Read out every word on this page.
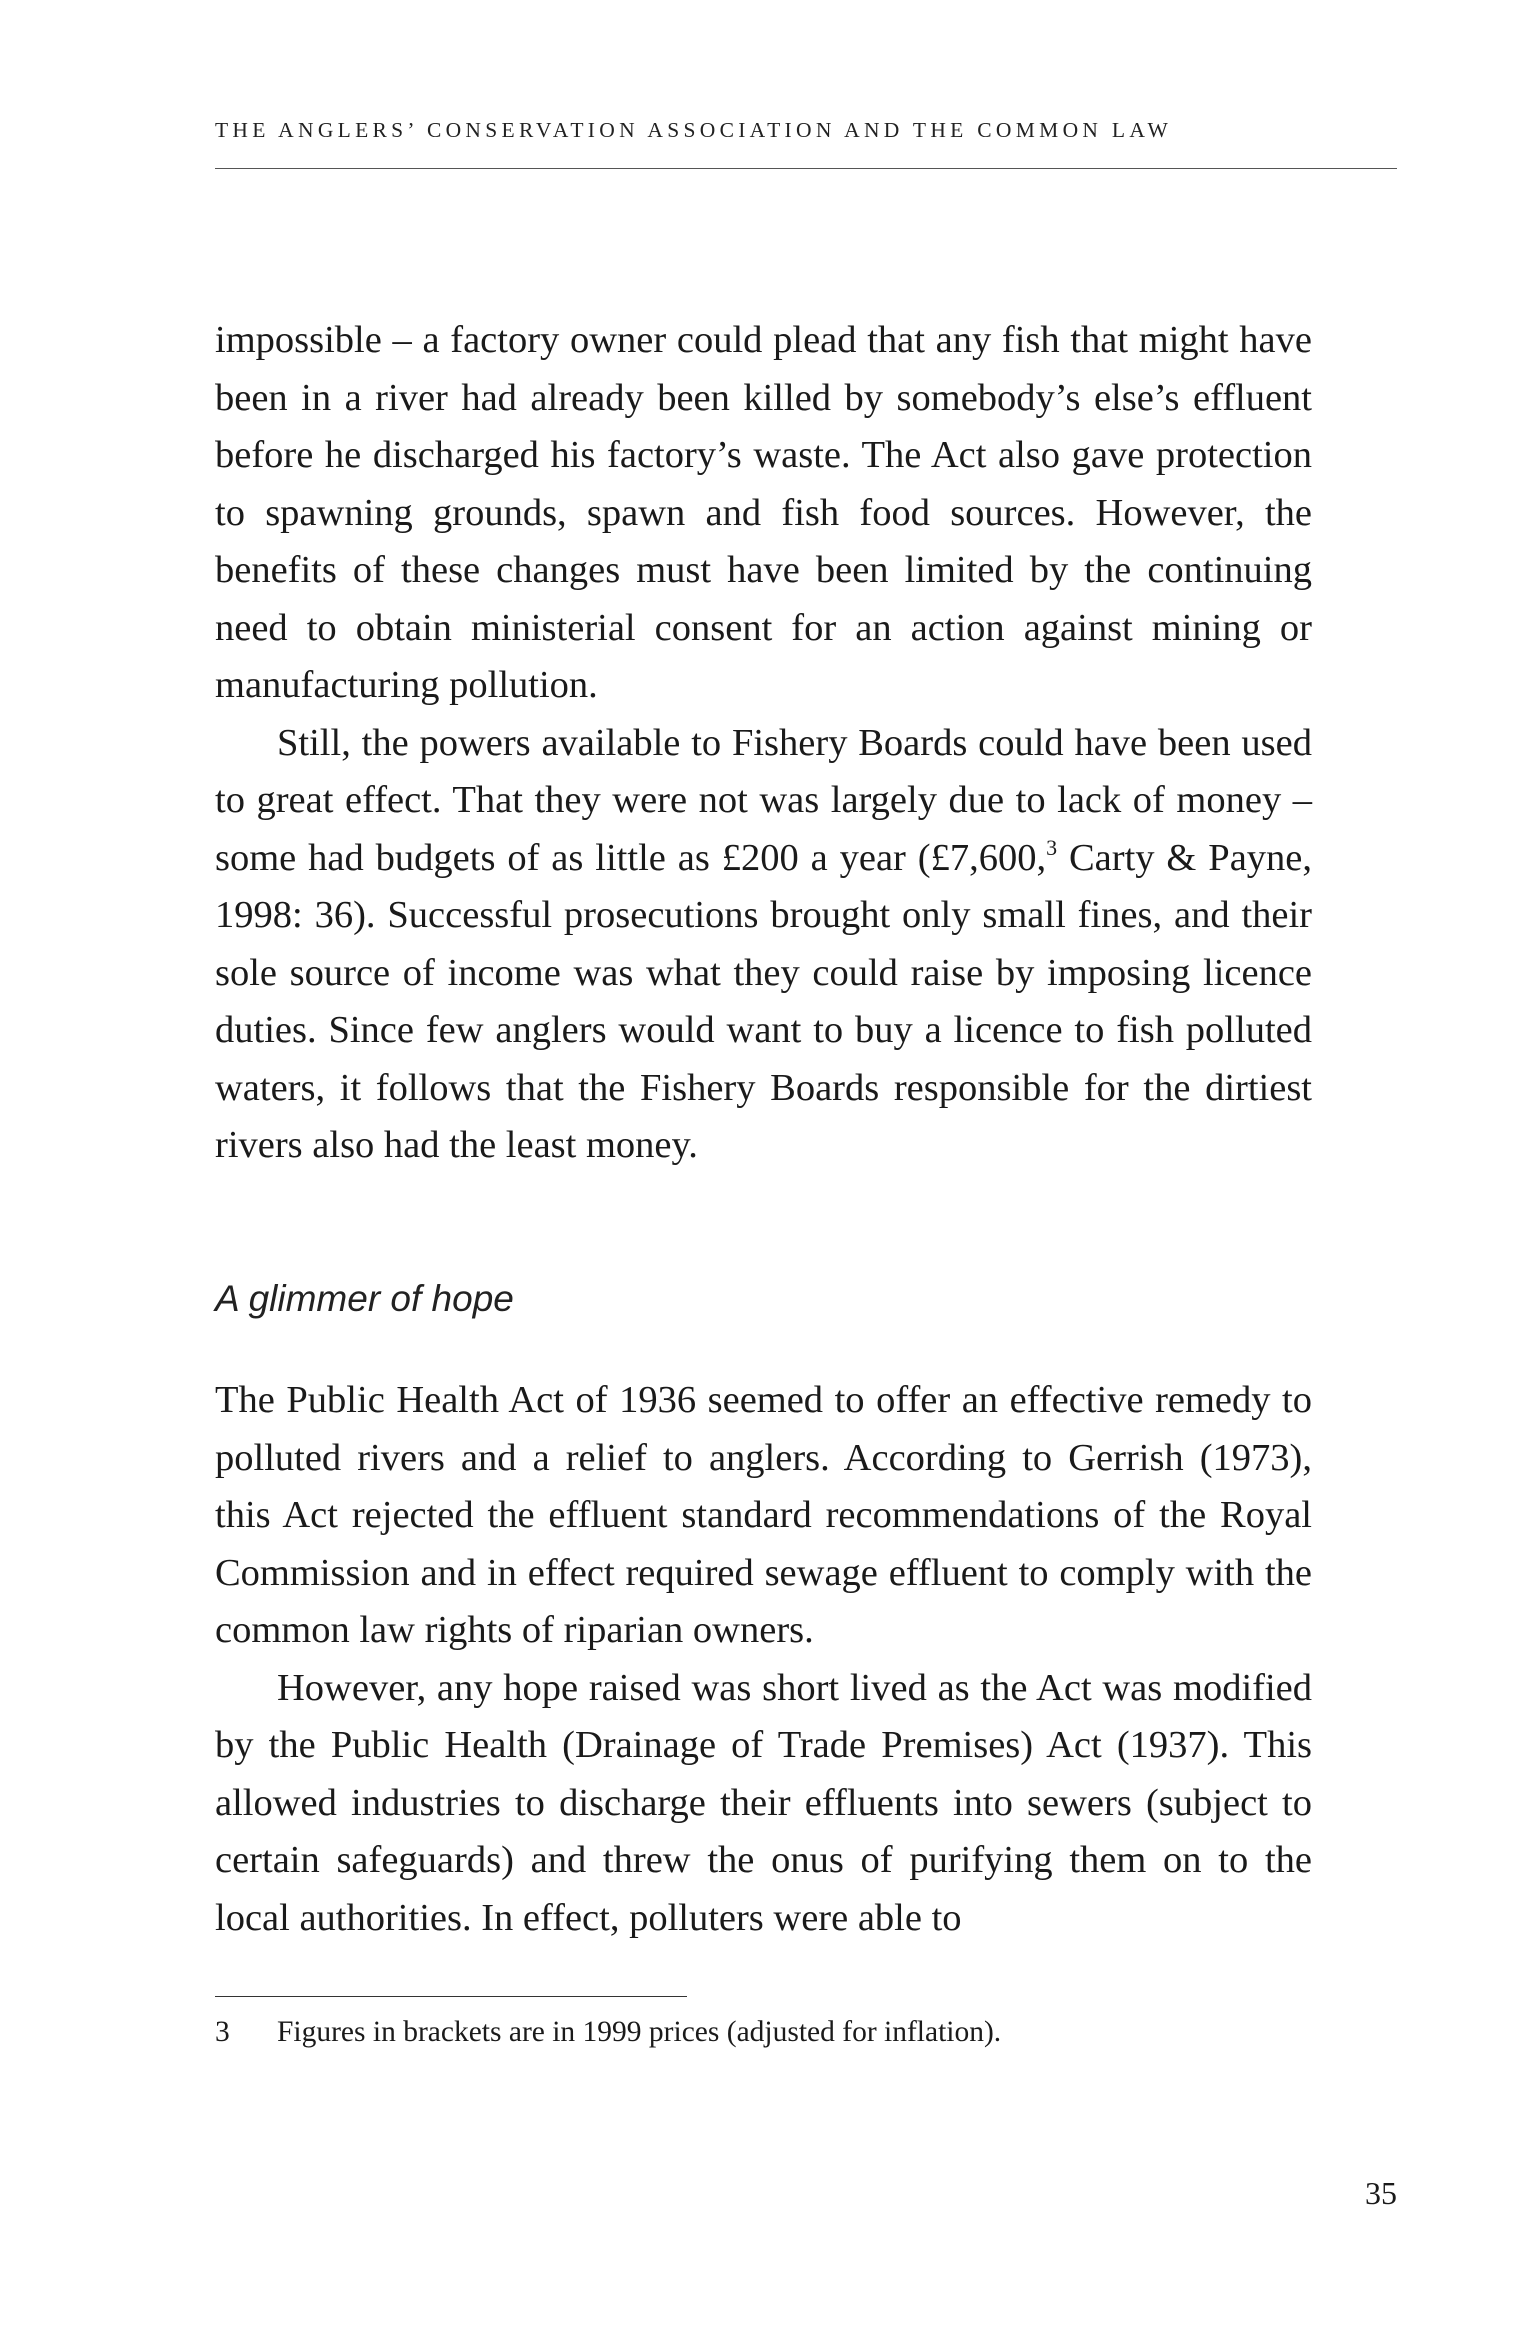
THE ANGLERS’ CONSERVATION ASSOCIATION AND THE COMMON LAW

impossible – a factory owner could plead that any fish that might have been in a river had already been killed by somebody’s else’s effluent before he discharged his factory’s waste. The Act also gave protection to spawning grounds, spawn and fish food sources. However, the benefits of these changes must have been limited by the continuing need to obtain ministerial consent for an action against mining or manufacturing pollution.

Still, the powers available to Fishery Boards could have been used to great effect. That they were not was largely due to lack of money – some had budgets of as little as £200 a year (£7,600,$^3$ Carty & Payne, 1998: 36). Successful prosecutions brought only small fines, and their sole source of income was what they could raise by imposing licence duties. Since few anglers would want to buy a licence to fish polluted waters, it follows that the Fishery Boards responsible for the dirtiest rivers also had the least money.

A glimmer of hope

The Public Health Act of 1936 seemed to offer an effective remedy to polluted rivers and a relief to anglers. According to Gerrish (1973), this Act rejected the effluent standard recommendations of the Royal Commission and in effect required sewage effluent to comply with the common law rights of riparian owners.

However, any hope raised was short lived as the Act was modified by the Public Health (Drainage of Trade Premises) Act (1937). This allowed industries to discharge their effluents into sewers (subject to certain safeguards) and threw the onus of purifying them on to the local authorities. In effect, polluters were able to

3 Figures in brackets are in 1999 prices (adjusted for inflation).
35
